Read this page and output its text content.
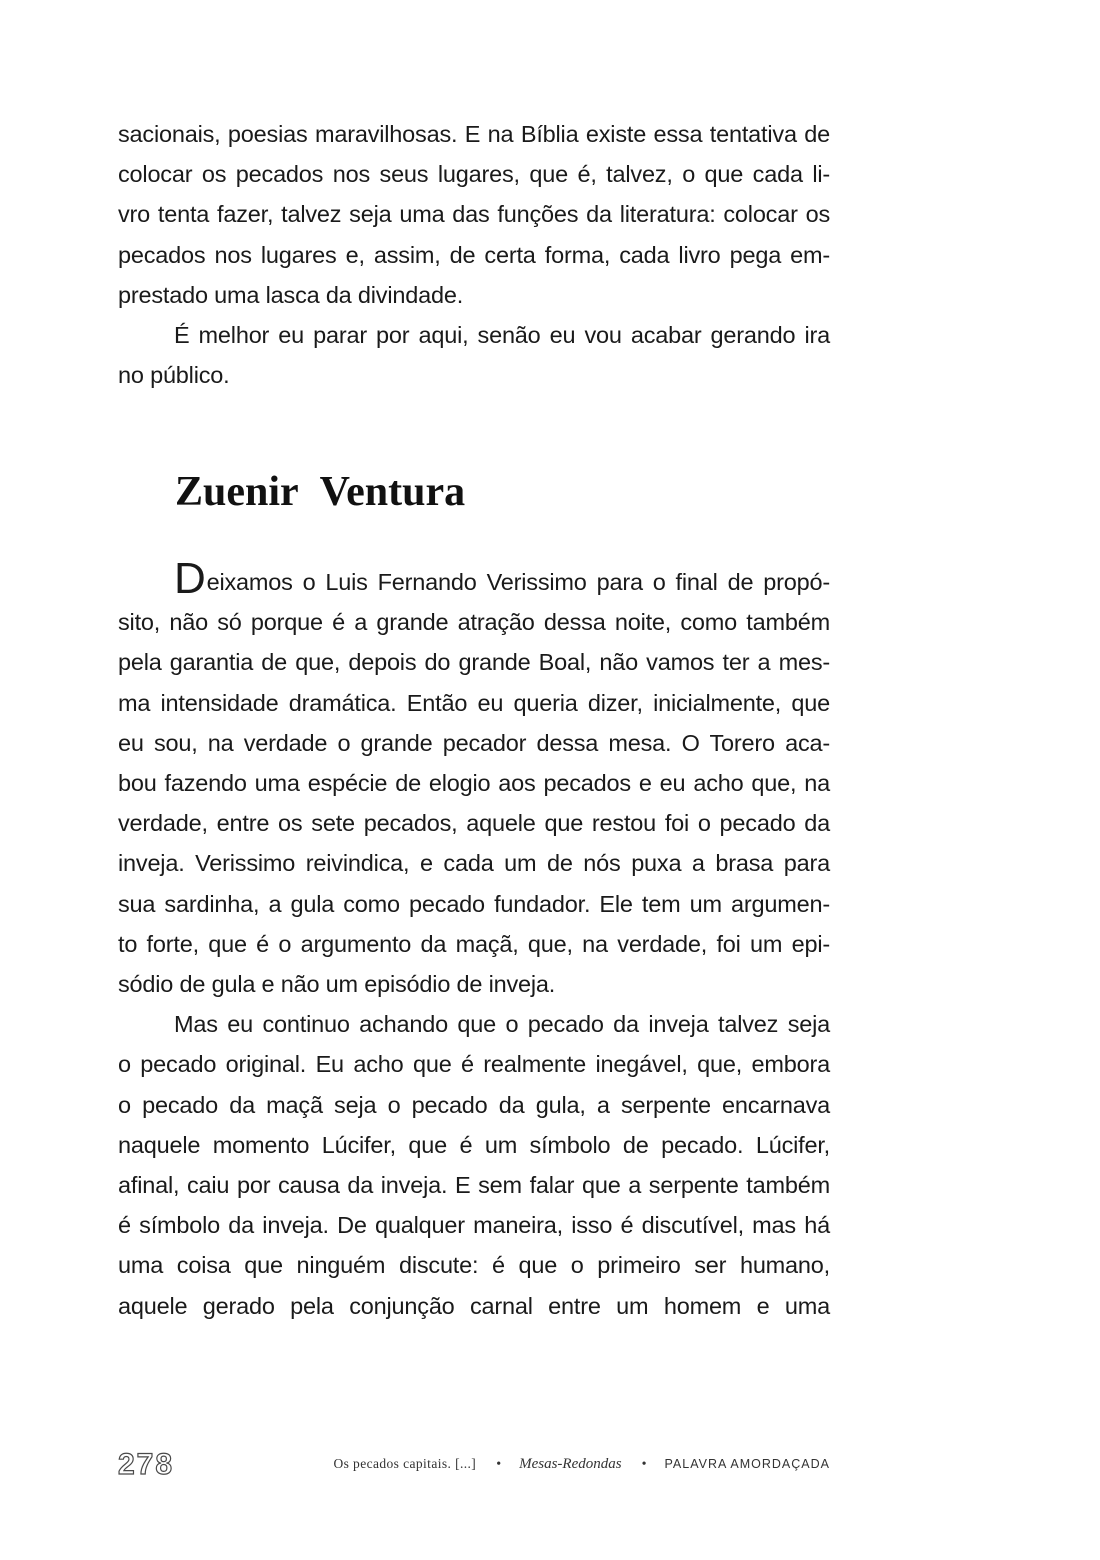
sacionais, poesias maravilhosas. E na Bíblia existe essa tentativa de
colocar os pecados nos seus lugares, que é, talvez, o que cada li-
vro tenta fazer, talvez seja uma das funções da literatura: colocar os
pecados nos lugares e, assim, de certa forma, cada livro pega em-
prestado uma lasca da divindade.
É melhor eu parar por aqui, senão eu vou acabar gerando ira
no público.
Zuenir Ventura
Deixamos o Luis Fernando Verissimo para o final de propó-
sito, não só porque é a grande atração dessa noite, como também
pela garantia de que, depois do grande Boal, não vamos ter a mes-
ma intensidade dramática. Então eu queria dizer, inicialmente, que
eu sou, na verdade o grande pecador dessa mesa. O Torero aca-
bou fazendo uma espécie de elogio aos pecados e eu acho que, na
verdade, entre os sete pecados, aquele que restou foi o pecado da
inveja. Verissimo reivindica, e cada um de nós puxa a brasa para
sua sardinha, a gula como pecado fundador. Ele tem um argumen-
to forte, que é o argumento da maçã, que, na verdade, foi um epi-
sódio de gula e não um episódio de inveja.
Mas eu continuo achando que o pecado da inveja talvez seja
o pecado original. Eu acho que é realmente inegável, que, embora
o pecado da maçã seja o pecado da gula, a serpente encarnava
naquele momento Lúcifer, que é um símbolo de pecado. Lúcifer,
afinal, caiu por causa da inveja. E sem falar que a serpente também
é símbolo da inveja. De qualquer maneira, isso é discutível, mas há
uma coisa que ninguém discute: é que o primeiro ser humano,
aquele gerado pela conjunção carnal entre um homem e uma
278	Os pecados capitais. [...] • Mesas-Redondas • PALAVRA AMORDAÇADA
